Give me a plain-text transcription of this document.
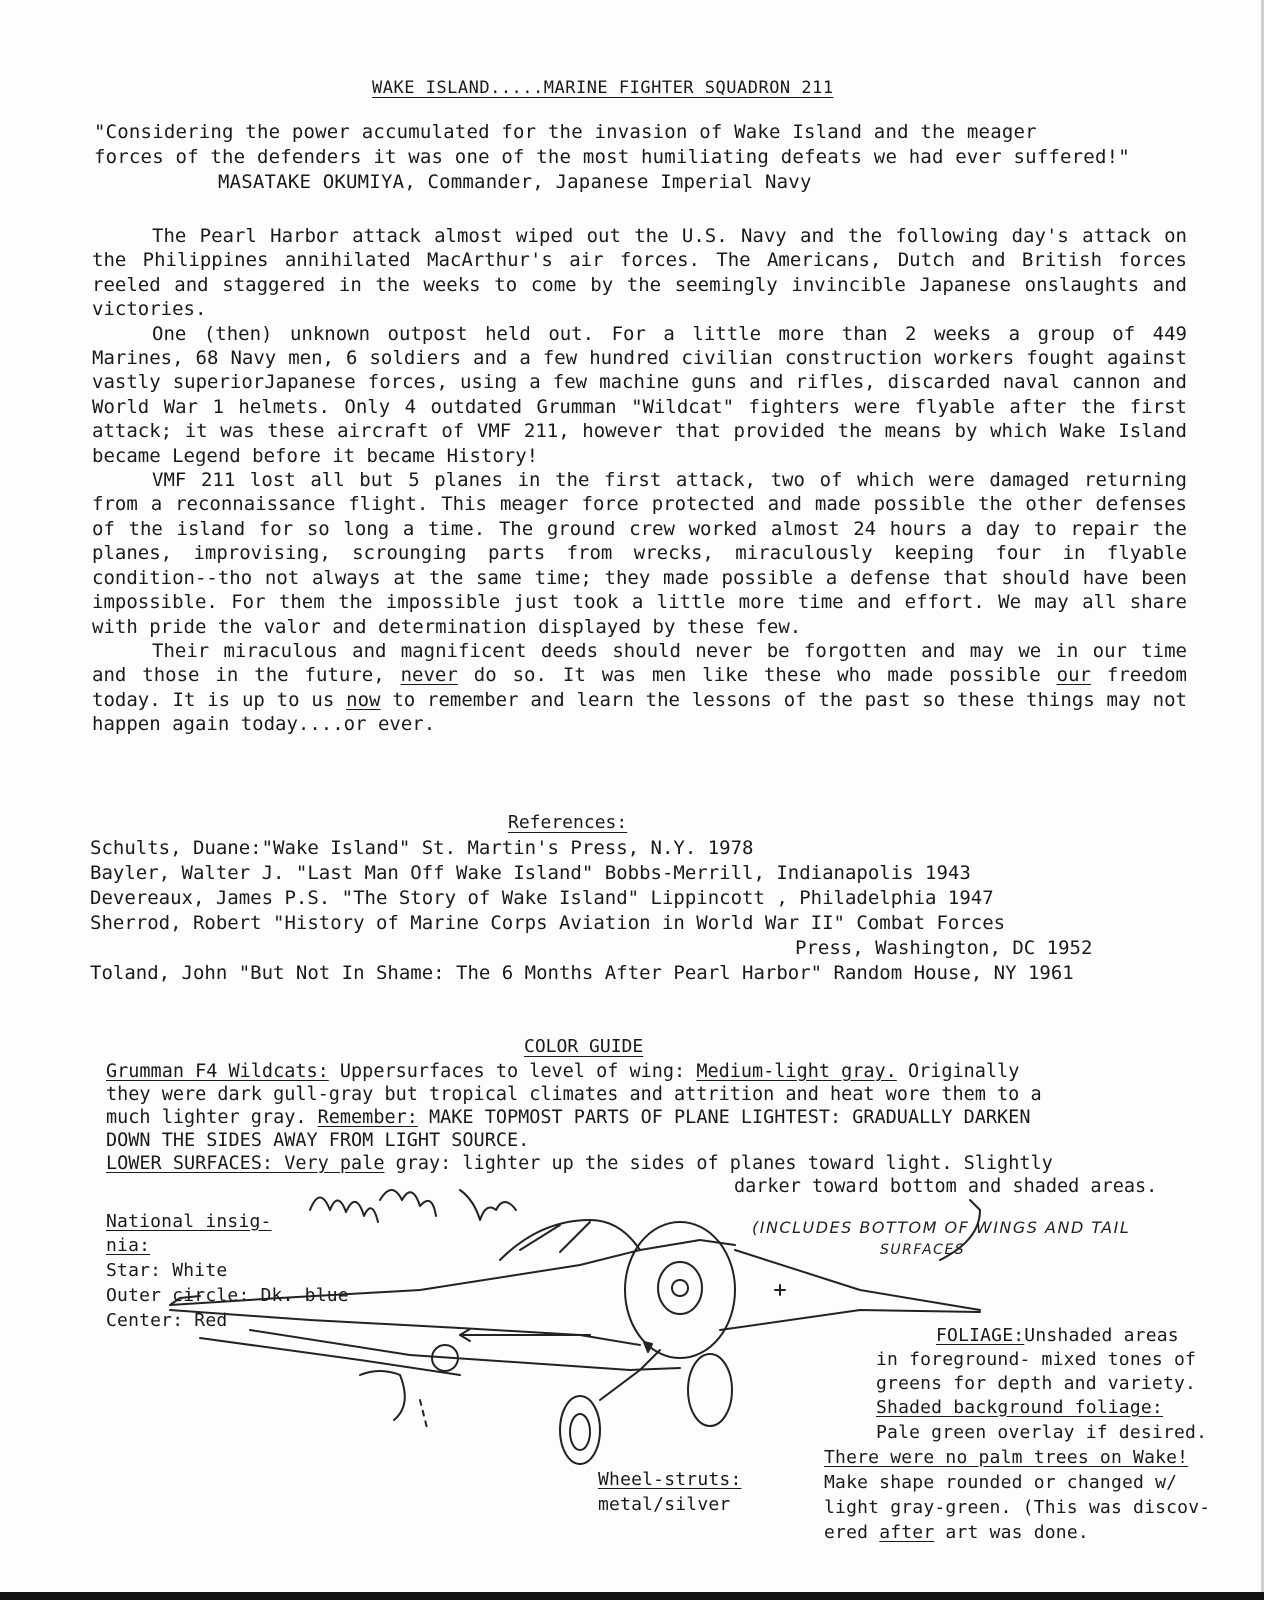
WAKE ISLAND.....MARINE FIGHTER SQUADRON 211
"Considering the power accumulated for the invasion of Wake Island and the meager
forces of the defenders it was one of the most humiliating defeats we had ever suffered!"
MASATAKE OKUMIYA, Commander, Japanese Imperial Navy

The Pearl Harbor attack almost wiped out the U.S. Navy and the following day's attack on the Philippines annihilated MacArthur's air forces. The Americans, Dutch and British forces reeled and staggered in the weeks to come by the seemingly invincible Japanese onslaughts and victories.

One (then) unknown outpost held out. For a little more than 2 weeks a group of 449 Marines, 68 Navy men, 6 soldiers and a few hundred civilian construction workers fought against vastly superiorJapanese forces, using a few machine guns and rifles, discarded naval cannon and World War 1 helmets. Only 4 outdated Grumman "Wildcat" fighters were flyable after the first attack; it was these aircraft of VMF 211, however that provided the means by which Wake Island became Legend before it became History!

VMF 211 lost all but 5 planes in the first attack, two of which were damaged returning from a reconnaissance flight. This meager force protected and made possible the other defenses of the island for so long a time. The ground crew worked almost 24 hours a day to repair the planes, improvising, scrounging parts from wrecks, miraculously keeping four in flyable condition--tho not always at the same time; they made possible a defense that should have been impossible. For them the impossible just took a little more time and effort. We may all share with pride the valor and determination displayed by these few.

Their miraculous and magnificent deeds should never be forgotten and may we in our time and those in the future, never do so. It was men like these who made possible our freedom today. It is up to us now to remember and learn the lessons of the past so these things may not happen again today....or ever.

References:
Schults, Duane:"Wake Island" St. Martin's Press, N.Y. 1978
Bayler, Walter J. "Last Man Off Wake Island" Bobbs-Merrill, Indianapolis 1943
Devereaux, James P.S. "The Story of Wake Island" Lippincott , Philadelphia 1947
Sherrod, Robert "History of Marine Corps Aviation in World War II" Combat Forces
Press, Washington, DC 1952
Toland, John "But Not In Shame: The 6 Months After Pearl Harbor" Random House, NY 1961
COLOR GUIDE
Grumman F4 Wildcats: Uppersurfaces to level of wing: Medium-light gray. Originally
they were dark gull-gray but tropical climates and attrition and heat wore them to a
much lighter gray. Remember: MAKE TOPMOST PARTS OF PLANE LIGHTEST: GRADUALLY DARKEN
DOWN THE SIDES AWAY FROM LIGHT SOURCE.
LOWER SURFACES: Very pale gray: lighter up the sides of planes toward light. Slightly
darker toward bottom and shaded areas.
(INCLUDES BOTTOM OF WINGS AND TAIL
SURFACES
National insig-
nia:
Star: White
Outer circle: Dk. blue
Center: Red
FOLIAGE:Unshaded areas
in foreground- mixed tones of
greens for depth and variety.
Shaded background foliage:
Pale green overlay if desired.
There were no palm trees on Wake!
Make shape rounded or changed w/
light gray-green. (This was discov-
ered after art was done.
Wheel-struts:
metal/silver
